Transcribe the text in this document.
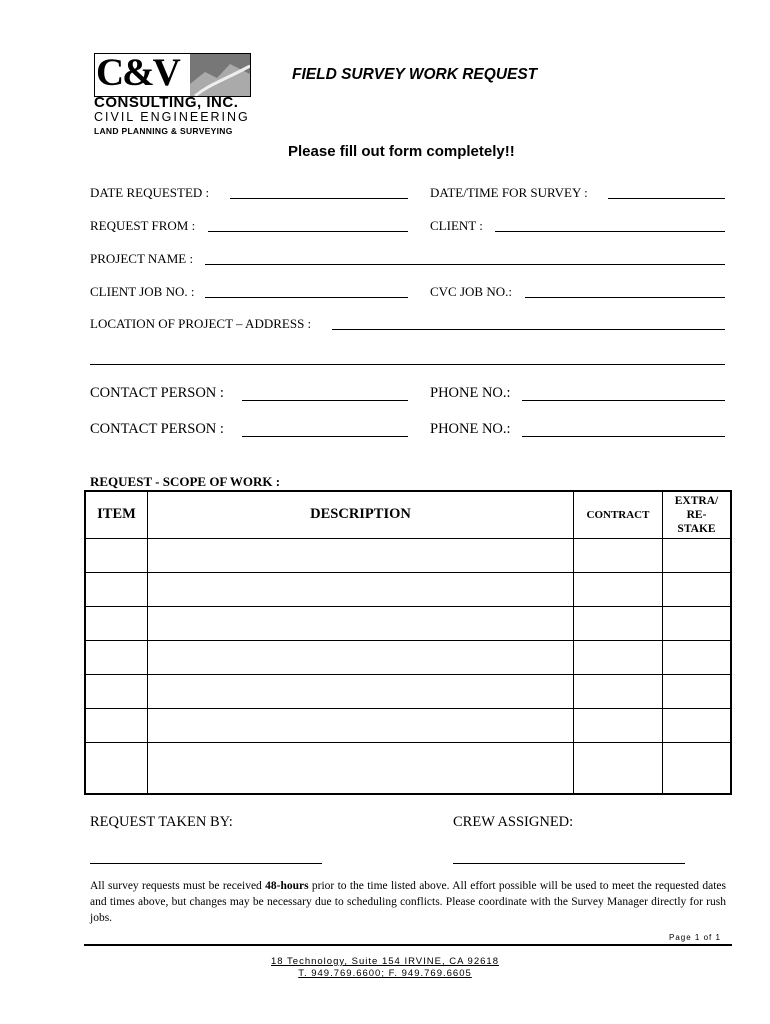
C&V
CONSULTING, INC.
CIVIL ENGINEERING
LAND PLANNING & SURVEYING
FIELD SURVEY WORK REQUEST
Please fill out form completely!!
DATE REQUESTED :	DATE/TIME FOR SURVEY :
REQUEST FROM :	CLIENT :
PROJECT NAME :
CLIENT JOB NO. :	CVC JOB NO.:
LOCATION OF PROJECT – ADDRESS :
CONTACT PERSON :	PHONE NO.:
CONTACT PERSON :	PHONE NO.:
REQUEST - SCOPE OF WORK :
ITEM	DESCRIPTION	CONTRACT	EXTRA/
RE-
STAKE

REQUEST TAKEN BY:	CREW ASSIGNED:
All survey requests must be received 48-hours prior to the time listed above. All effort possible will be used to meet the requested dates and times above, but changes may be necessary due to scheduling conflicts. Please coordinate with the Survey Manager directly for rush jobs.
Page 1 of 1
18 Technology, Suite 154 IRVINE, CA 92618
T. 949.769.6600; F. 949.769.6605
